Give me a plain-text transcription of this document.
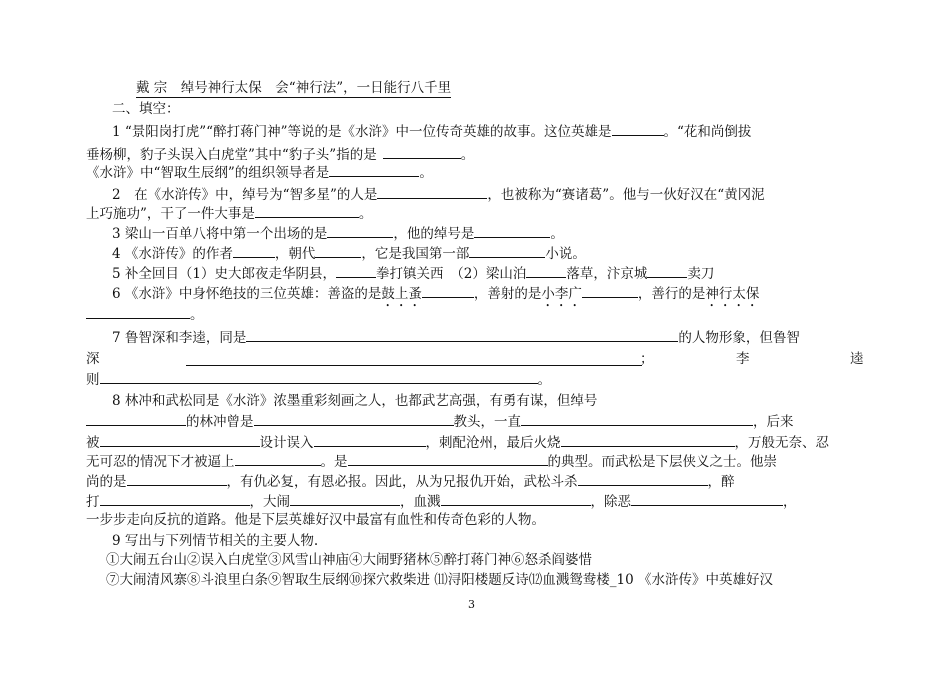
戴 宗　绰号神行太保　会“神行法”，一日能行八千里
二、填空：
1 “景阳岗打虎”“醉打蒋门神”等说的是《水浒》中一位传奇英雄的故事。这位英雄是	。“花和尚倒拔
垂杨柳，豹子头误入白虎堂”其中“豹子头”指的是	。
《水浒》中“智取生辰纲”的组织领导者是	。
2　在《水浒传》中，绰号为“智多星”的人是	，也被称为“赛诸葛”。他与一伙好汉在“黄冈泥
上巧施功”，干了一件大事是	。
3 梁山一百单八将中第一个出场的是	，他的绰号是	。
4 《水浒传》的作者	，朝代	，它是我国第一部	小说。
5 补全回目（1）史大郎夜走华阴县，	拳打镇关西　（2）梁山泊	落草，汴京城	卖刀
6 《水浒》中身怀绝技的三位英雄：善盗的是鼓上蚤	，善射的是小李广	，善行的是神行太保
。
7 鲁智深和李逵，同是	的人物形象，但鲁智
深	；	李	逵
则	。
8 林冲和武松同是《水浒》浓墨重彩刻画之人，也都武艺高强，有勇有谋，但绰号
的林冲曾是	教头，一直	，后来
被	设计误入	，刺配沧州，最后火烧	，万般无奈、忍
无可忍的情况下才被逼上	。是	的典型。而武松是下层侠义之士。他崇
尚的是	，有仇必复，有恩必报。因此，从为兄报仇开始，武松斗杀	，醉
打	，大闹	，血溅	，除恶	，
一步步走向反抗的道路。他是下层英雄好汉中最富有血性和传奇色彩的人物。
9 写出与下列情节相关的主要人物.
①大闹五台山②误入白虎堂③风雪山神庙④大闹野猪林⑤醉打蒋门神⑥怒杀阎婆惜
⑦大闹清风寨⑧斗浪里白条⑨智取生辰纲⑩探穴救柴进 ⑾浔阳楼题反诗⑿血溅鸳鸯楼_10 《水浒传》中英雄好汉
3
